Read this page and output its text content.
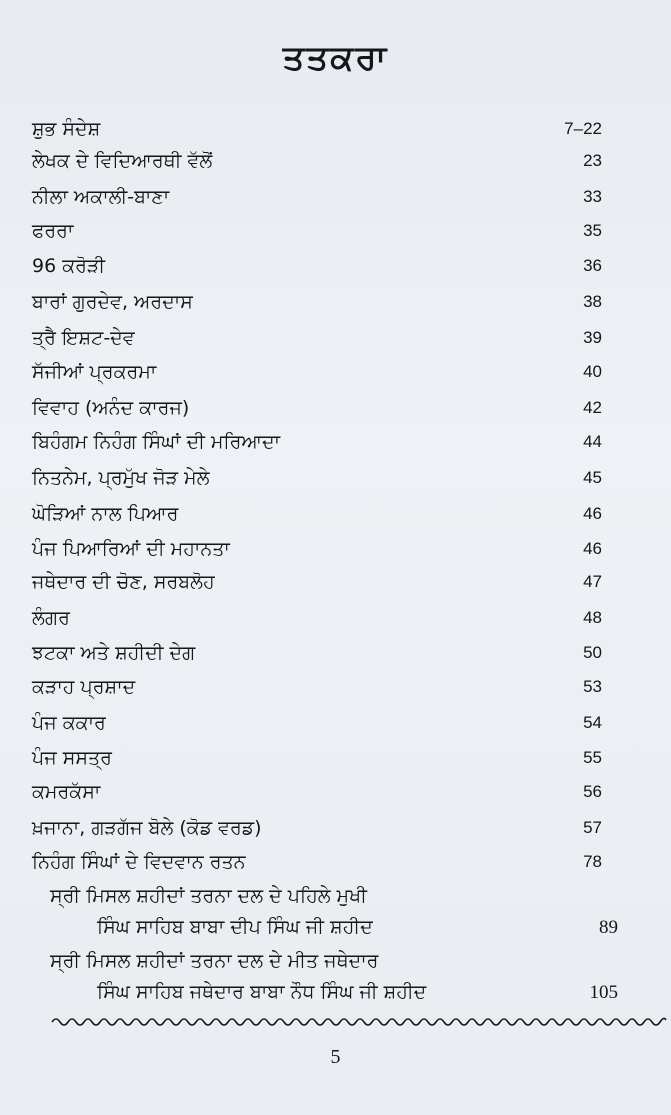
ਤਤਕਰਾ
ਸ਼ੁਭ ਸੰਦੇਸ਼	7–22
ਲੇਖਕ ਦੇ ਵਿਦਿਆਰਥੀ ਵੱਲੋਂ	23
ਨੀਲਾ ਅਕਾਲੀ-ਬਾਣਾ	33
ਫਰਰਾ	35
96 ਕਰੋੜੀ	36
ਬਾਰਾਂ ਗੁਰਦੇਵ, ਅਰਦਾਸ	38
ਤ੍ਰੈ ਇਸ਼ਟ-ਦੇਵ	39
ਸੱਜੀਆਂ ਪ੍ਰਕਰਮਾ	40
ਵਿਵਾਹ (ਅਨੰਦ ਕਾਰਜ)	42
ਬਿਹੰਗਮ ਨਿਹੰਗ ਸਿੰਘਾਂ ਦੀ ਮਰਿਆਦਾ	44
ਨਿਤਨੇਮ, ਪ੍ਰਮੁੱਖ ਜੋੜ ਮੇਲੇ	45
ਘੋੜਿਆਂ ਨਾਲ ਪਿਆਰ	46
ਪੰਜ ਪਿਆਰਿਆਂ ਦੀ ਮਹਾਨਤਾ	46
ਜਥੇਦਾਰ ਦੀ ਚੋਣ, ਸਰਬਲੋਹ	47
ਲੰਗਰ	48
ਝਟਕਾ ਅਤੇ ਸ਼ਹੀਦੀ ਦੇਗ	50
ਕੜਾਹ ਪ੍ਰਸ਼ਾਦ	53
ਪੰਜ ਕਕਾਰ	54
ਪੰਜ ਸਸਤ੍ਰ	55
ਕਮਰਕੱਸਾ	56
ਖ਼ਜਾਨਾ, ਗੜਗੱਜ ਬੋਲੇ (ਕੋਡ ਵਰਡ)	57
ਨਿਹੰਗ ਸਿੰਘਾਂ ਦੇ ਵਿਦਵਾਨ ਰਤਨ	78
ਸ੍ਰੀ ਮਿਸਲ ਸ਼ਹੀਦਾਂ ਤਰਨਾ ਦਲ ਦੇ ਪਹਿਲੇ ਮੁਖੀ
ਸਿੰਘ ਸਾਹਿਬ ਬਾਬਾ ਦੀਪ ਸਿੰਘ ਜੀ ਸ਼ਹੀਦ	89
ਸ੍ਰੀ ਮਿਸਲ ਸ਼ਹੀਦਾਂ ਤਰਨਾ ਦਲ ਦੇ ਮੀਤ ਜਥੇਦਾਰ
ਸਿੰਘ ਸਾਹਿਬ ਜਥੇਦਾਰ ਬਾਬਾ ਨੌਧ ਸਿੰਘ ਜੀ ਸ਼ਹੀਦ	105
5
